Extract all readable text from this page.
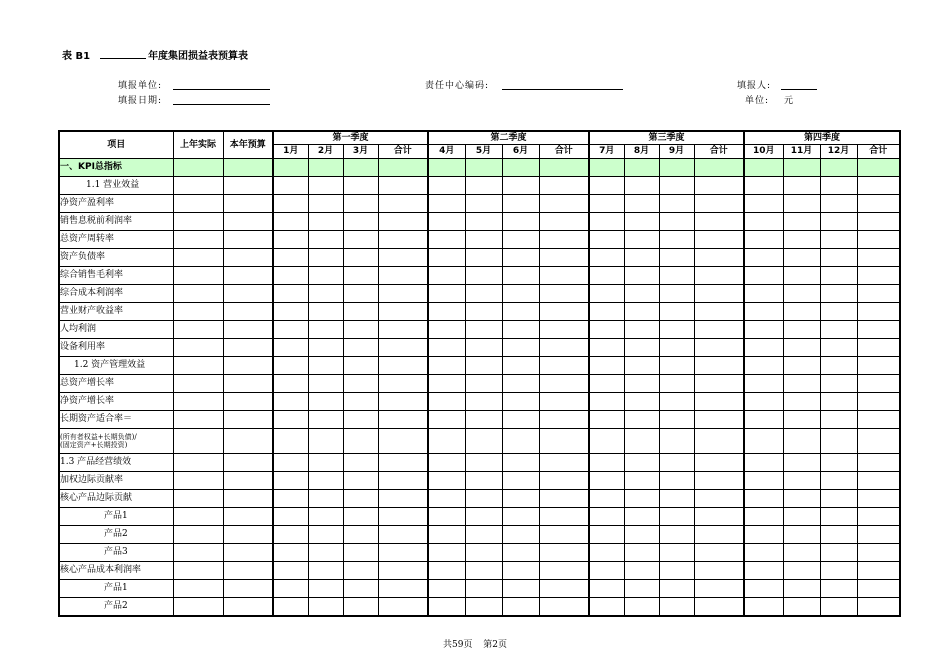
表 B1	年度集团损益表预算表
填报单位:
填报日期:
责任中心编码:	填报人:
单位: 元
项目	上年实际	本年预算	第一季度				第二季度				第三季度				第四季度			
			1月	2月	3月	合计	4月	5月	6月	合计	7月	8月	9月	合计	10月	11月	12月	合计
一、KPI总指标																		
1.1 营业效益																		
净资产盈利率																		
销售息税前利润率																		
总资产周转率																		
资产负债率																		
综合销售毛利率																		
综合成本利润率																		
营业财产收益率																		
人均利润																		
设备利用率																		
1.2 资产管理效益																		
总资产增长率																		
净资产增长率																		
长期资产适合率＝																		

(所有者权益+长期负债)/
(固定资产+长期投资)																		

1.3 产品经营绩效																		
加权边际贡献率																		
核心产品边际贡献																		
产品1																		
产品2																		
产品3																		
核心产品成本利润率																		
产品1																		
产品2																		
共59页 第2页
